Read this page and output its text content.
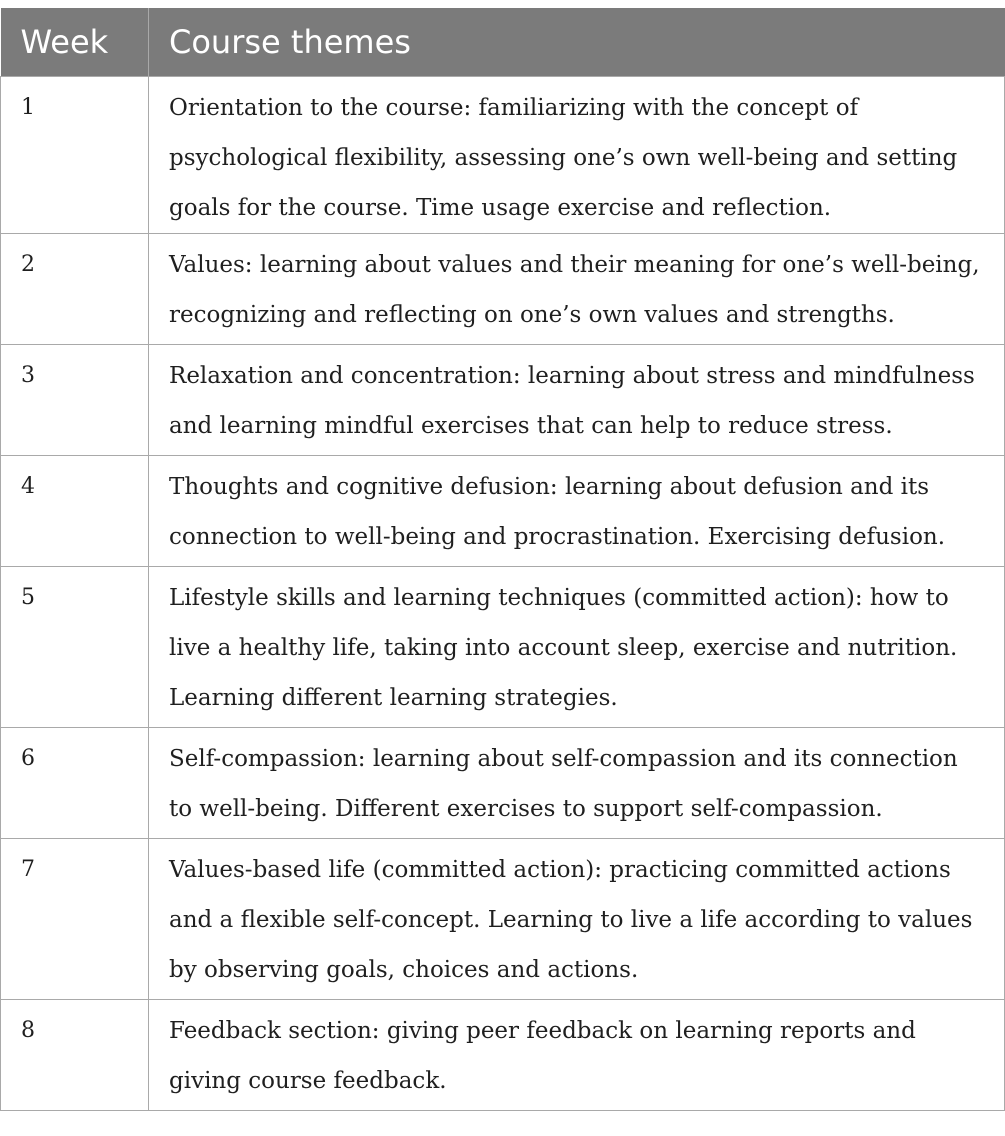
Week	Course themes
1	Orientation to the course: familiarizing with the concept of psychological flexibility, assessing one’s own well-being and setting goals for the course. Time usage exercise and reflection.
2	Values: learning about values and their meaning for one’s well-being, recognizing and reflecting on one’s own values and strengths.
3	Relaxation and concentration: learning about stress and mindfulness and learning mindful exercises that can help to reduce stress.
4	Thoughts and cognitive defusion: learning about defusion and its connection to well-being and procrastination. Exercising defusion.
5	Lifestyle skills and learning techniques (committed action): how to live a healthy life, taking into account sleep, exercise and nutrition. Learning different learning strategies.
6	Self-compassion: learning about self-compassion and its connection to well-being. Different exercises to support self-compassion.
7	Values-based life (committed action): practicing committed actions and a flexible self-concept. Learning to live a life according to values by observing goals, choices and actions.
8	Feedback section: giving peer feedback on learning reports and giving course feedback.
